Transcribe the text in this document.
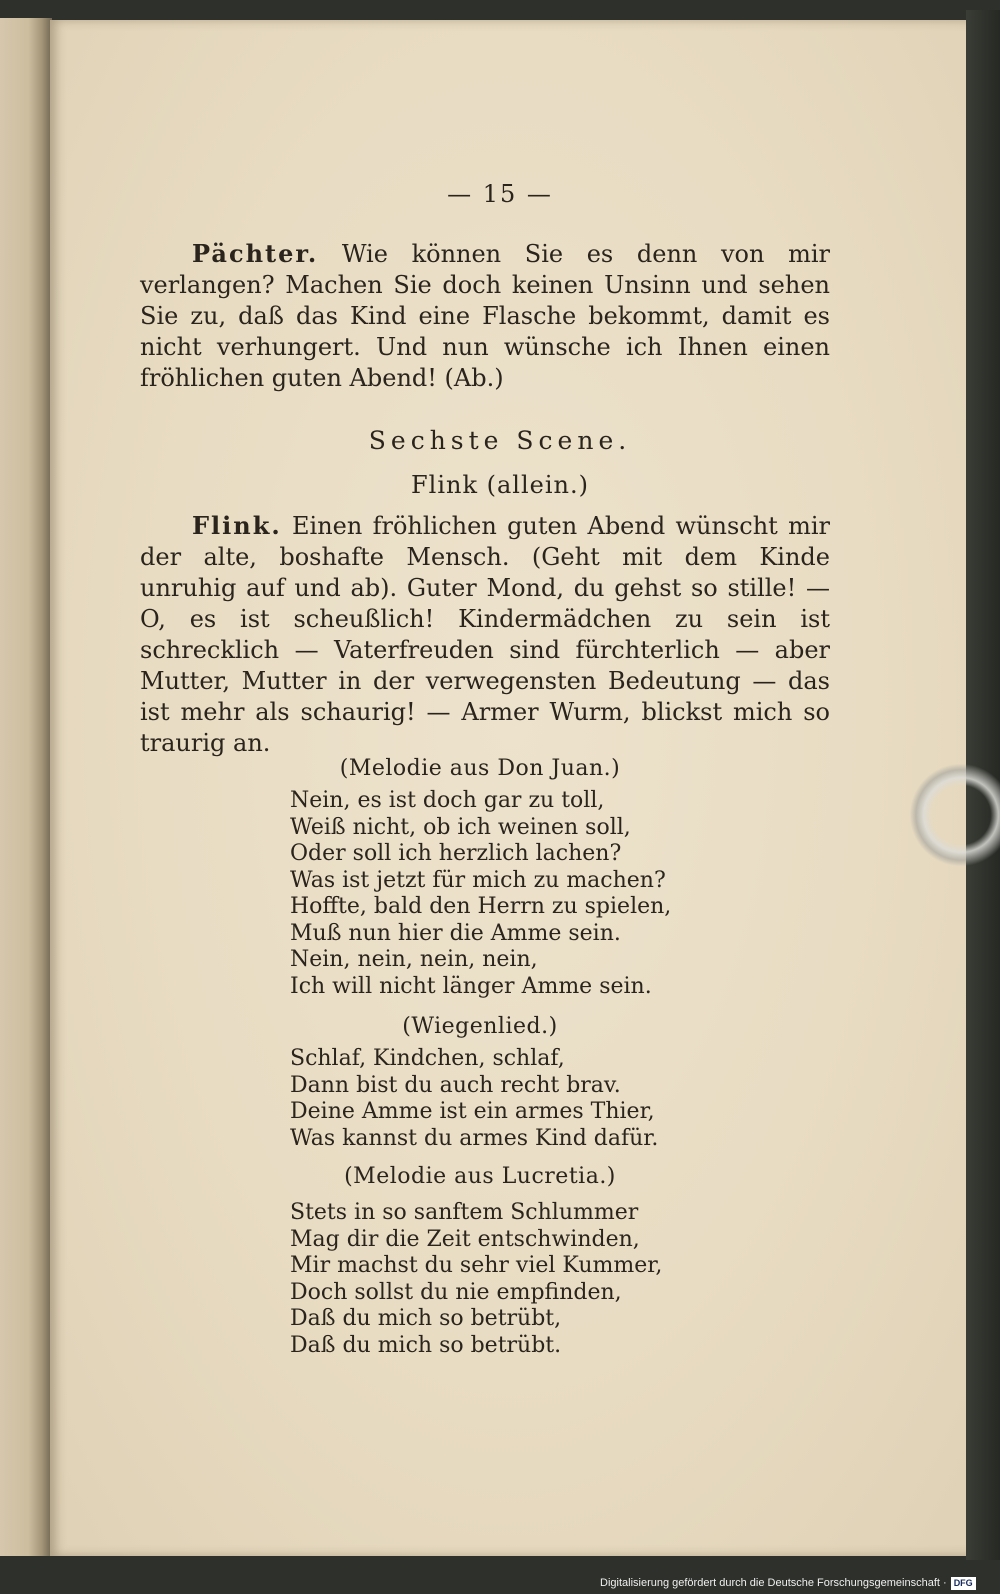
— 15 —
Pächter. Wie können Sie es denn von mir verlangen? Machen Sie doch keinen Unsinn und sehen Sie zu, daß das Kind eine Flasche bekommt, damit es nicht verhungert. Und nun wünsche ich Ihnen einen fröhlichen guten Abend! (Ab.)
Sechste Scene.
Flink (allein.)
Flink. Einen fröhlichen guten Abend wünscht mir der alte, boshafte Mensch. (Geht mit dem Kinde unruhig auf und ab). Guter Mond, du gehst so stille! — O, es ist scheußlich! Kindermädchen zu sein ist schrecklich — Vaterfreuden sind fürchterlich — aber Mutter, Mutter in der verwegensten Bedeutung — das ist mehr als schaurig! — Armer Wurm, blickst mich so traurig an.
(Melodie aus Don Juan.)
Nein, es ist doch gar zu toll,
Weiß nicht, ob ich weinen soll,
Oder soll ich herzlich lachen?
Was ist jetzt für mich zu machen?
Hoffte, bald den Herrn zu spielen,
Muß nun hier die Amme sein.
Nein, nein, nein, nein,
Ich will nicht länger Amme sein.
(Wiegenlied.)
Schlaf, Kindchen, schlaf,
Dann bist du auch recht brav.
Deine Amme ist ein armes Thier,
Was kannst du armes Kind dafür.
(Melodie aus Lucretia.)
Stets in so sanftem Schlummer
Mag dir die Zeit entschwinden,
Mir machst du sehr viel Kummer,
Doch sollst du nie empfinden,
Daß du mich so betrübt,
Daß du mich so betrübt.
Digitalisierung gefördert durch die Deutsche Forschungsgemeinschaft · DFG
